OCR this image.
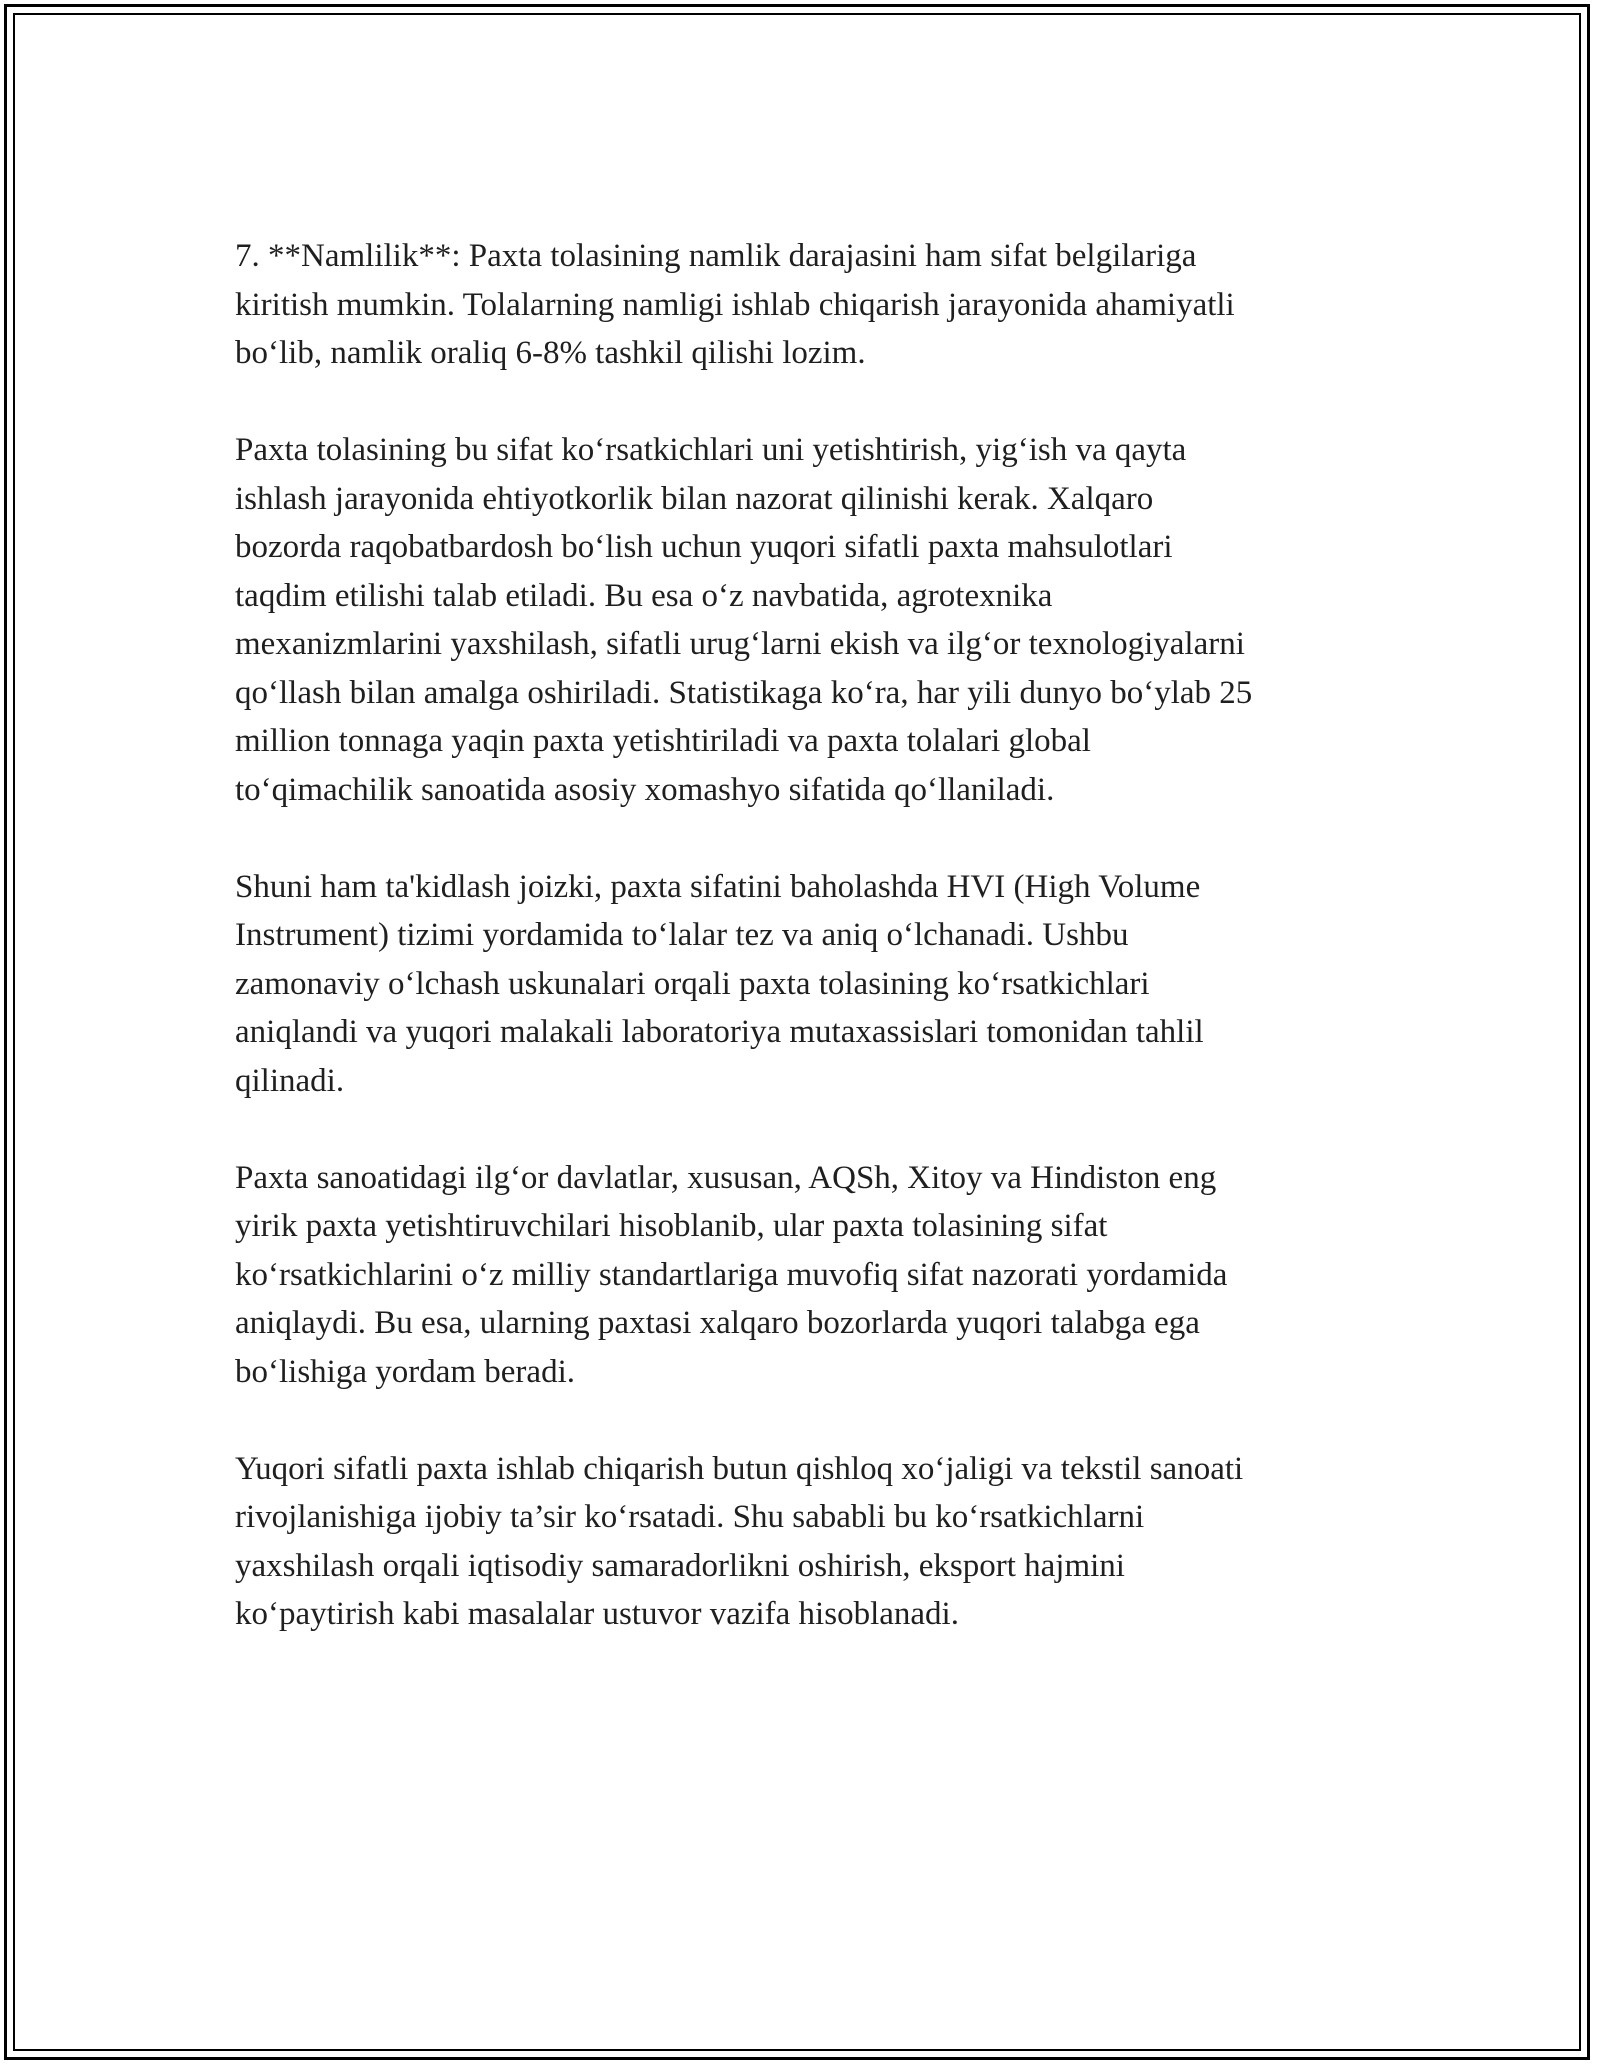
7. **Namlilik**: Paxta tolasining namlik darajasini ham sifat belgilariga
kiritish mumkin. Tolalarning namligi ishlab chiqarish jarayonida ahamiyatli
bo‘lib, namlik oraliq 6-8% tashkil qilishi lozim.

Paxta tolasining bu sifat ko‘rsatkichlari uni yetishtirish, yig‘ish va qayta
ishlash jarayonida ehtiyotkorlik bilan nazorat qilinishi kerak. Xalqaro
bozorda raqobatbardosh bo‘lish uchun yuqori sifatli paxta mahsulotlari
taqdim etilishi talab etiladi. Bu esa o‘z navbatida, agrotexnika
mexanizmlarini yaxshilash, sifatli urug‘larni ekish va ilg‘or texnologiyalarni
qo‘llash bilan amalga oshiriladi. Statistikaga ko‘ra, har yili dunyo bo‘ylab 25
million tonnaga yaqin paxta yetishtiriladi va paxta tolalari global
to‘qimachilik sanoatida asosiy xomashyo sifatida qo‘llaniladi.

Shuni ham ta'kidlash joizki, paxta sifatini baholashda HVI (High Volume
Instrument) tizimi yordamida to‘lalar tez va aniq o‘lchanadi. Ushbu
zamonaviy o‘lchash uskunalari orqali paxta tolasining ko‘rsatkichlari
aniqlandi va yuqori malakali laboratoriya mutaxassislari tomonidan tahlil
qilinadi.

Paxta sanoatidagi ilg‘or davlatlar, xususan, AQSh, Xitoy va Hindiston eng
yirik paxta yetishtiruvchilari hisoblanib, ular paxta tolasining sifat
ko‘rsatkichlarini o‘z milliy standartlariga muvofiq sifat nazorati yordamida
aniqlaydi. Bu esa, ularning paxtasi xalqaro bozorlarda yuqori talabga ega
bo‘lishiga yordam beradi.

Yuqori sifatli paxta ishlab chiqarish butun qishloq xo‘jaligi va tekstil sanoati
rivojlanishiga ijobiy ta’sir ko‘rsatadi. Shu sababli bu ko‘rsatkichlarni
yaxshilash orqali iqtisodiy samaradorlikni oshirish, eksport hajmini
ko‘paytirish kabi masalalar ustuvor vazifa hisoblanadi.
